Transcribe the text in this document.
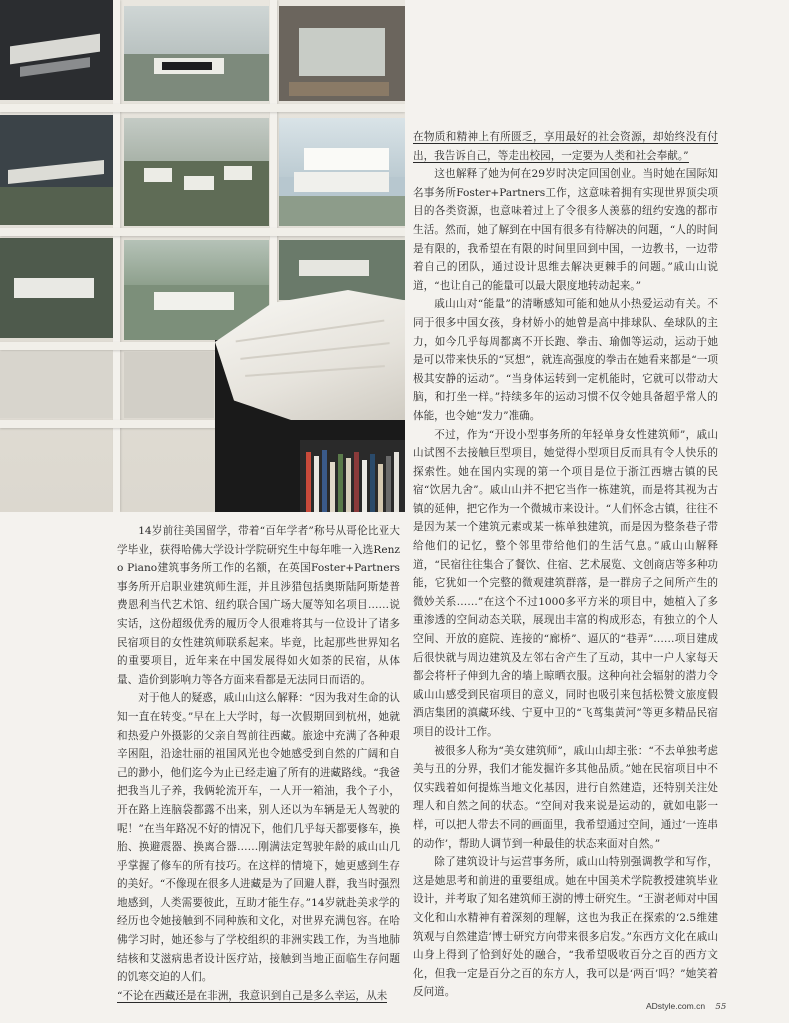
在物质和精神上有所匮乏，享用最好的社会资源，却始终没有付出，我告诉自己，等走出校园，一定要为人类和社会奉献。”

这也解释了她为何在29岁时决定回国创业。当时她在国际知名事务所Foster+Partners工作，这意味着拥有实现世界顶尖项目的各类资源，也意味着过上了令很多人羡慕的纽约安逸的都市生活。然而，她了解到在中国有很多有待解决的问题，“人的时间是有限的，我希望在有限的时间里回到中国，一边教书，一边带着自己的团队，通过设计思维去解决更棘手的问题。”戚山山说道，“也让自己的能量可以最大限度地转动起来。”

戚山山对“能量”的清晰感知可能和她从小热爱运动有关。不同于很多中国女孩，身材娇小的她曾是高中排球队、垒球队的主力，如今几乎每周都离不开长跑、拳击、瑜伽等运动，运动于她是可以带来快乐的“冥想”，就连高强度的拳击在她看来都是“一项极其安静的运动”。“当身体运转到一定机能时，它就可以带动大脑，和打坐一样。”持续多年的运动习惯不仅令她具备超乎常人的体能，也令她“发力”准确。

不过，作为“开设小型事务所的年轻单身女性建筑师”，戚山山试图不去接触巨型项目，她觉得小型项目反而具有令人快乐的探索性。她在国内实现的第一个项目是位于浙江西塘古镇的民宿“饮居九舍”。戚山山并不把它当作一栋建筑，而是将其视为古镇的延伸，把它作为一个微城市来设计。“人们怀念古镇，往往不是因为某一个建筑元素或某一栋单独建筑，而是因为整条巷子带给他们的记忆，整个邻里带给他们的生活气息。”戚山山解释道，“民宿往往集合了餐饮、住宿、艺术展览、文创商店等多种功能，它犹如一个完整的微观建筑群落，是一群房子之间所产生的微妙关系……”在这个不过1000多平方米的项目中，她植入了多重渗透的空间动态关联，展现出丰富的构成形态，有独立的个人空间、开放的庭院、连接的“廊桥”、逼仄的“巷弄”……项目建成后很快就与周边建筑及左邻右舍产生了互动，其中一户人家每天都会将杆子伸到九舍的墙上晾晒衣服。这种向社会辐射的潜力令戚山山感受到民宿项目的意义，同时也吸引来包括松赞文旅度假酒店集团的滇藏环线、宁夏中卫的“飞茑集黄河”等更多精品民宿项目的设计工作。

被很多人称为“美女建筑师”，戚山山却主张：“不去单独考虑美与丑的分界，我们才能发掘许多其他品质。”她在民宿项目中不仅实践着如何提炼当地文化基因，进行自然建造，还特别关注处理人和自然之间的状态。“空间对我来说是运动的，就如电影一样，可以把人带去不同的画面里，我希望通过空间，通过‘一连串的动作’，帮助人调节到一种最佳的状态来面对自然。”

除了建筑设计与运营事务所，戚山山特别强调教学和写作，这是她思考和前进的重要组成。她在中国美术学院教授建筑毕业设计，并考取了知名建筑师王澍的博士研究生。“王澍老师对中国文化和山水精神有着深刻的理解，这也为我正在探索的‘2.5维建筑观与自然建造’博士研究方向带来很多启发。”东西方文化在戚山山身上得到了恰到好处的融合，“我希望吸收百分之百的西方文化，但我一定是百分之百的东方人，我可以是‘两百’吗？”她笑着反问道。

14岁前往美国留学，带着“百年学者”称号从哥伦比亚大学毕业，获得哈佛大学设计学院研究生中每年唯一入选Renzo Piano建筑事务所工作的名额，在英国Foster+Partners事务所开启职业建筑师生涯，并且涉猎包括奥斯陆阿斯楚普费恩利当代艺术馆、纽约联合国广场大厦等知名项目……说实话，这份超级优秀的履历令人很难将其与一位设计了诸多民宿项目的女性建筑师联系起来。毕竟，比起那些世界知名的重要项目，近年来在中国发展得如火如荼的民宿，从体量、造价到影响力等各方面来看都是无法同日而语的。

对于他人的疑惑，戚山山这么解释：“因为我对生命的认知一直在转变。”早在上大学时，每一次假期回到杭州，她就和热爱户外摄影的父亲自驾前往西藏。旅途中充满了各种艰辛困阻，沿途壮丽的祖国风光也令她感受到自然的广阔和自己的渺小，他们迄今为止已经走遍了所有的进藏路线。“我爸把我当儿子养，我俩轮流开车，一人开一箱油，我个子小，开在路上连脑袋都露不出来，别人还以为车辆是无人驾驶的呢！”在当年路况不好的情况下，他们几乎每天都要修车，换胎、换避震器、换离合器……刚满法定驾驶年龄的戚山山几乎掌握了修车的所有技巧。在这样的情境下，她更感到生存的美好。“不像现在很多人进藏是为了回避人群，我当时强烈地感到，人类需要彼此，互助才能生存。”14岁就赴美求学的经历也令她接触到不同种族和文化，对世界充满包容。在哈佛学习时，她还参与了学校组织的非洲实践工作，为当地肺结核和艾滋病患者设计医疗站，接触到当地正面临生存问题的饥寒交迫的人们。

“不论在西藏还是在非洲，我意识到自己是多么幸运，从未

ADstyle.com.cn 55
